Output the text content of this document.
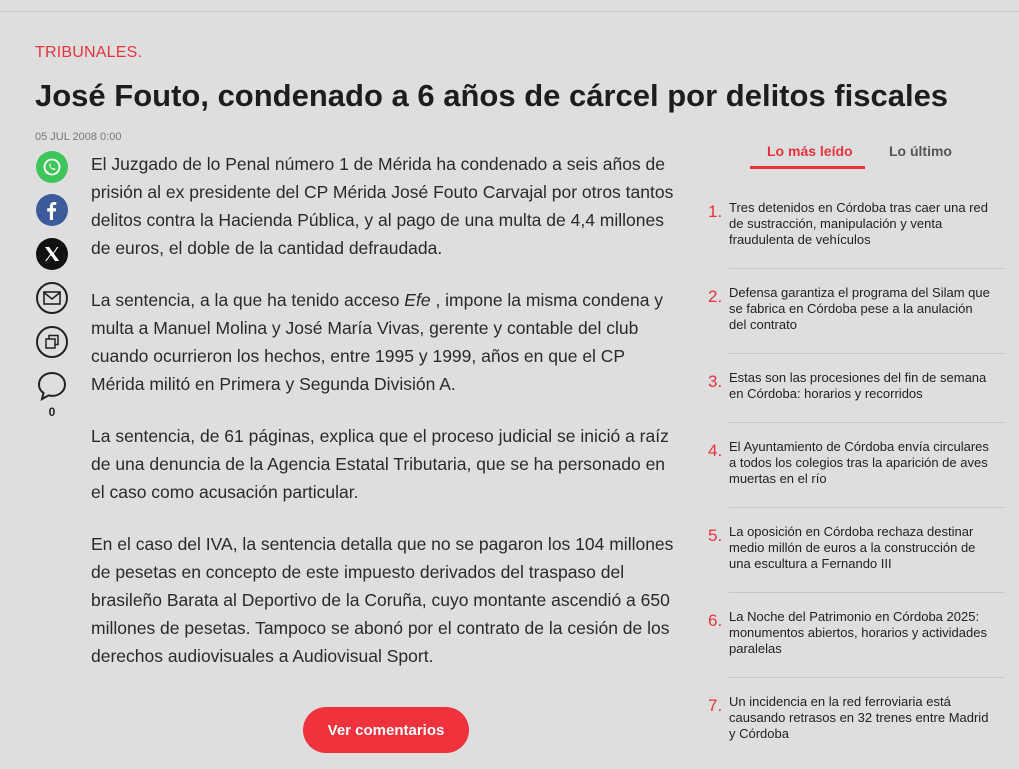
TRIBUNALES.
José Fouto, condenado a 6 años de cárcel por delitos fiscales
05 JUL 2008 0:00
0

El Juzgado de lo Penal número 1 de Mérida ha condenado a seis años de prisión al ex presidente del CP Mérida José Fouto Carvajal por otros tantos delitos contra la Hacienda Pública, y al pago de una multa de 4,4 millones de euros, el doble de la cantidad defraudada.

La sentencia, a la que ha tenido acceso Efe , impone la misma condena y multa a Manuel Molina y José María Vivas, gerente y contable del club cuando ocurrieron los hechos, entre 1995 y 1999, años en que el CP Mérida militó en Primera y Segunda División A.

La sentencia, de 61 páginas, explica que el proceso judicial se inició a raíz de una denuncia de la Agencia Estatal Tributaria, que se ha personado en el caso como acusación particular.

En el caso del IVA, la sentencia detalla que no se pagaron los 104 millones de pesetas en concepto de este impuesto derivados del traspaso del brasileño Barata al Deportivo de la Coruña, cuyo montante ascendió a 650 millones de pesetas. Tampoco se abonó por el contrato de la cesión de los derechos audiovisuales a Audiovisual Sport.

Ver comentarios
Lo más leído	Lo último
1. Tres detenidos en Córdoba tras caer una red de sustracción, manipulación y venta fraudulenta de vehículos
2. Defensa garantiza el programa del Silam que se fabrica en Córdoba pese a la anulación del contrato
3. Estas son las procesiones del fin de semana en Córdoba: horarios y recorridos
4. El Ayuntamiento de Córdoba envía circulares a todos los colegios tras la aparición de aves muertas en el río
5. La oposición en Córdoba rechaza destinar medio millón de euros a la construcción de una escultura a Fernando III
6. La Noche del Patrimonio en Córdoba 2025: monumentos abiertos, horarios y actividades paralelas
7. Un incidencia en la red ferroviaria está causando retrasos en 32 trenes entre Madrid y Córdoba
